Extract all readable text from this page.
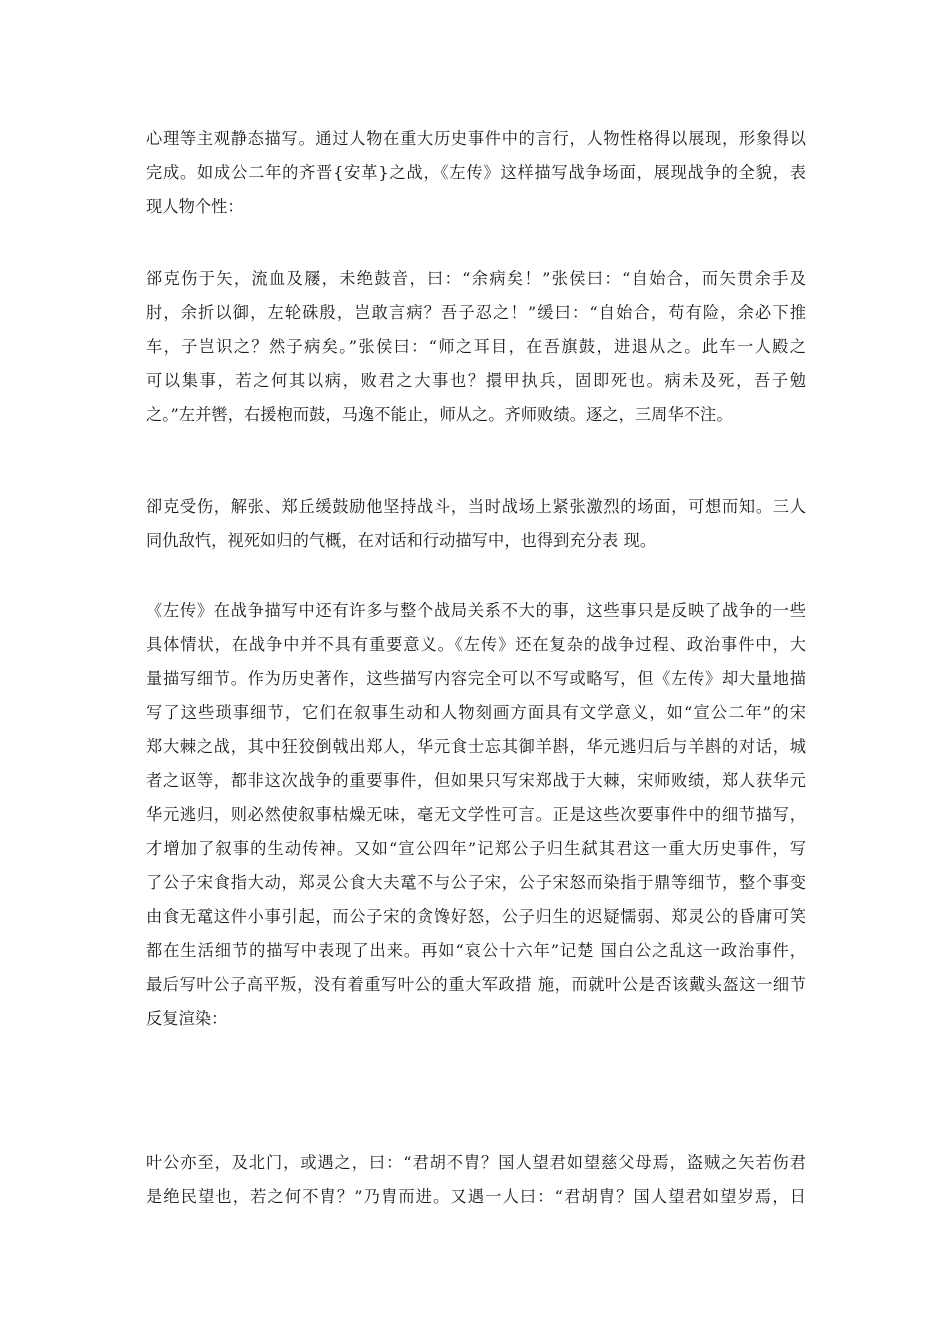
心理等主观静态描写。通过人物在重大历史事件中的言行，人物性格得以展现，形象得以
完成。如成公二年的齐晋{安革}之战，《左传》这样描写战争场面，展现战争的全貌，表
现人物个性：
郤克伤于矢，流血及屦，未绝鼓音，曰：“余病矣！”张侯曰：“自始合，而矢贯余手及
肘，余折以御，左轮硃殷，岂敢言病？吾子忍之！”缓曰：“自始合，苟有险，余必下推
车，子岂识之？然子病矣。”张侯曰：“师之耳目，在吾旗鼓，进退从之。此车一人殿之
可以集事，若之何其以病，败君之大事也？擐甲执兵，固即死也。病未及死，吾子勉
之。”左并辔，右援枹而鼓，马逸不能止，师从之。齐师败绩。逐之，三周华不注。
卻克受伤，解张、郑丘缓鼓励他坚持战斗，当时战场上紧张激烈的场面，可想而知。三人
同仇敌忾，视死如归的气概，在对话和行动描写中，也得到充分表 现。
《左传》在战争描写中还有许多与整个战局关系不大的事，这些事只是反映了战争的一些
具体情状，在战争中并不具有重要意义。《左传》还在复杂的战争过程、政治事件中，大
量描写细节。作为历史著作，这些描写内容完全可以不写或略写，但《左传》却大量地描
写了这些琐事细节，它们在叙事生动和人物刻画方面具有文学意义，如“宣公二年”的宋
郑大棘之战，其中狂狡倒戟出郑人，华元食士忘其御羊斟，华元逃归后与羊斟的对话，城
者之讴等，都非这次战争的重要事件，但如果只写宋郑战于大棘，宋师败绩，郑人获华元
华元逃归，则必然使叙事枯燥无味，毫无文学性可言。正是这些次要事件中的细节描写，
才增加了叙事的生动传神。又如“宣公四年”记郑公子归生弑其君这一重大历史事件，写
了公子宋食指大动，郑灵公食大夫鼋不与公子宋，公子宋怒而染指于鼎等细节，整个事变
由食无鼋这件小事引起，而公子宋的贪馋好怒，公子归生的迟疑懦弱、郑灵公的昏庸可笑
都在生活细节的描写中表现了出来。再如“哀公十六年”记楚 国白公之乱这一政治事件，
最后写叶公子高平叛，没有着重写叶公的重大军政措 施，而就叶公是否该戴头盔这一细节
反复渲染：
叶公亦至，及北门，或遇之，曰：“君胡不胄？国人望君如望慈父母焉，盗贼之矢若伤君
是绝民望也，若之何不胄？”乃胄而进。又遇一人曰：“君胡胄？国人望君如望岁焉，日
